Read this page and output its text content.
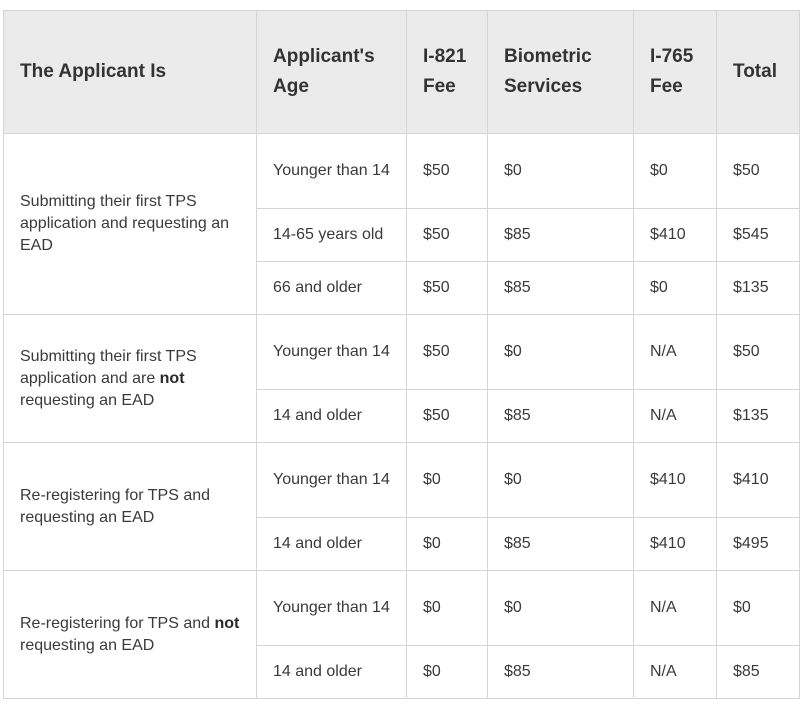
The Applicant Is	Applicant's Age	I-821 Fee	Biometric Services	I-765 Fee	Total
Submitting their first TPS application and requesting an EAD	Younger than 14	$50	$0	$0	$50
	14-65 years old	$50	$85	$410	$545
	66 and older	$50	$85	$0	$135
Submitting their first TPS application and are not requesting an EAD	Younger than 14	$50	$0	N/A	$50
	14 and older	$50	$85	N/A	$135
Re-registering for TPS and requesting an EAD	Younger than 14	$0	$0	$410	$410
	14 and older	$0	$85	$410	$495
Re-registering for TPS and not requesting an EAD	Younger than 14	$0	$0	N/A	$0
	14 and older	$0	$85	N/A	$85
